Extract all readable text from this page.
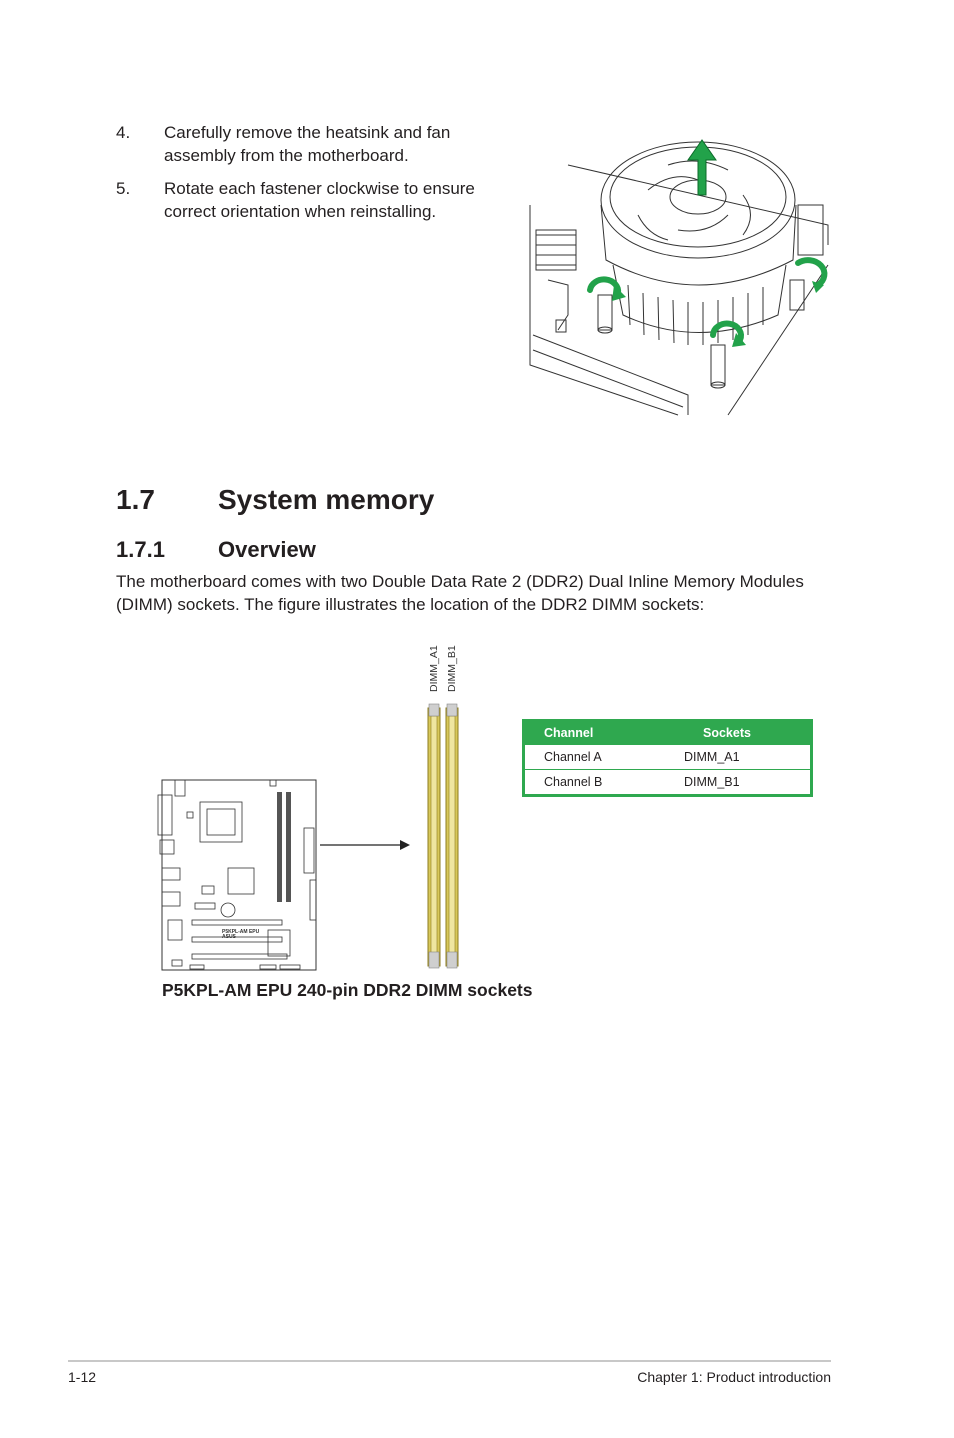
4. Carefully remove the heatsink and fan assembly from the motherboard.
5. Rotate each fastener clockwise to ensure correct orientation when reinstalling.
1.7 System memory
1.7.1 Overview
The motherboard comes with two Double Data Rate 2 (DDR2) Dual Inline Memory Modules (DIMM) sockets. The figure illustrates the location of the DDR2 DIMM sockets:
P5KPL-AM EPU
ASUS
DIMM_A1 DIMM_B1
P5KPL-AM EPU 240-pin DDR2 DIMM sockets
Channel	Sockets
Channel A	DIMM_A1
Channel B	DIMM_B1
1-12	Chapter 1: Product introduction
